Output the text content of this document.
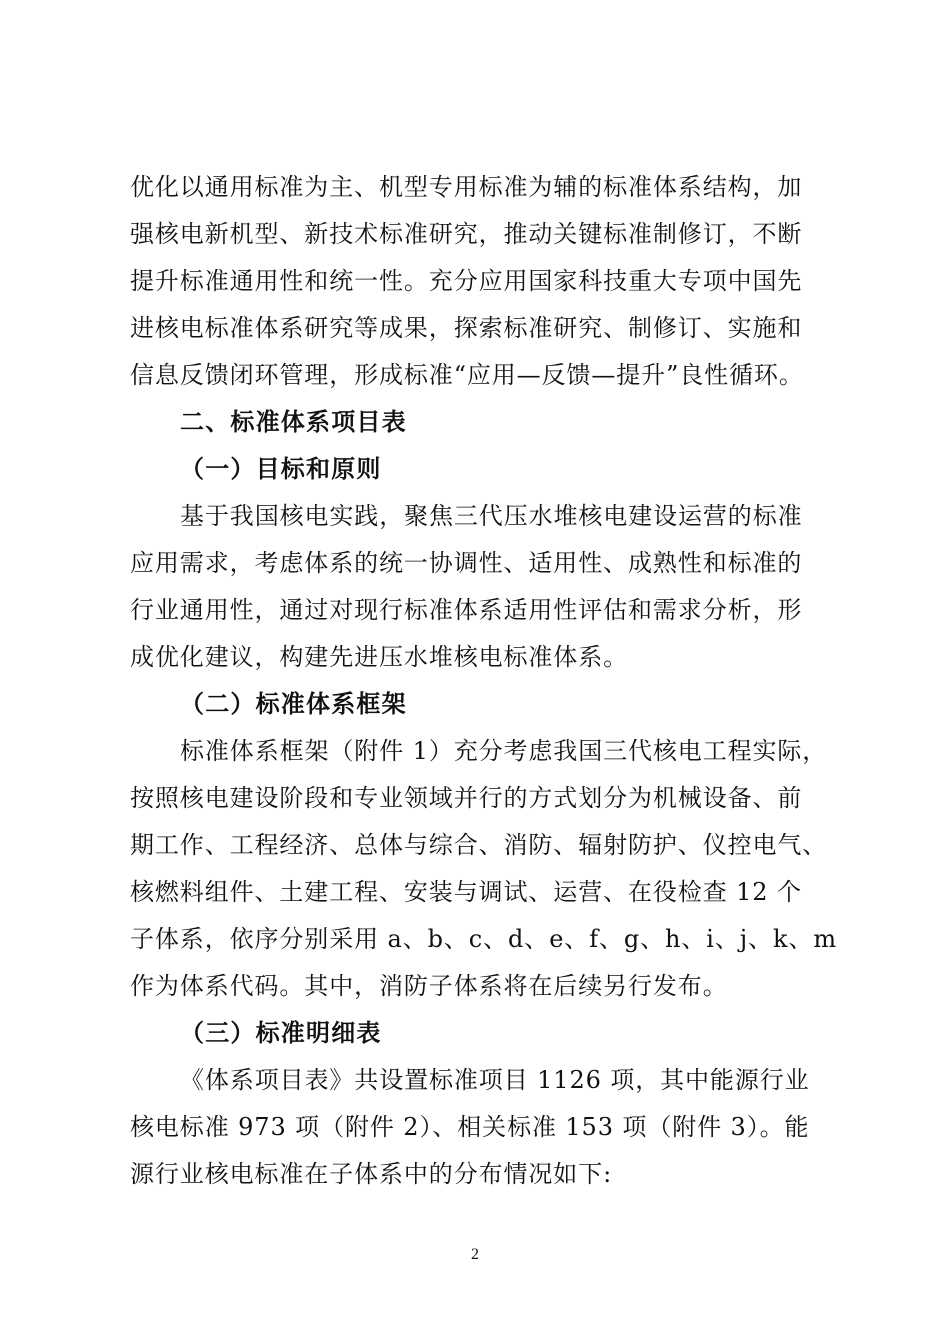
优化以通用标准为主、机型专用标准为辅的标准体系结构，加
强核电新机型、新技术标准研究，推动关键标准制修订，不断
提升标准通用性和统一性。充分应用国家科技重大专项中国先
进核电标准体系研究等成果，探索标准研究、制修订、实施和
信息反馈闭环管理，形成标准“应用—反馈—提升”良性循环。
二、标准体系项目表
（一）目标和原则
基于我国核电实践，聚焦三代压水堆核电建设运营的标准
应用需求，考虑体系的统一协调性、适用性、成熟性和标准的
行业通用性，通过对现行标准体系适用性评估和需求分析，形
成优化建议，构建先进压水堆核电标准体系。
（二）标准体系框架
标准体系框架（附件 1）充分考虑我国三代核电工程实际，
按照核电建设阶段和专业领域并行的方式划分为机械设备、前
期工作、工程经济、总体与综合、消防、辐射防护、仪控电气、
核燃料组件、土建工程、安装与调试、运营、在役检查 12 个
子体系，依序分别采用 a、b、c、d、e、f、g、h、i、j、k、m
作为体系代码。其中，消防子体系将在后续另行发布。
（三）标准明细表
《体系项目表》共设置标准项目 1126 项，其中能源行业
核电标准 973 项（附件 2）、相关标准 153 项（附件 3）。能
源行业核电标准在子体系中的分布情况如下:
2
